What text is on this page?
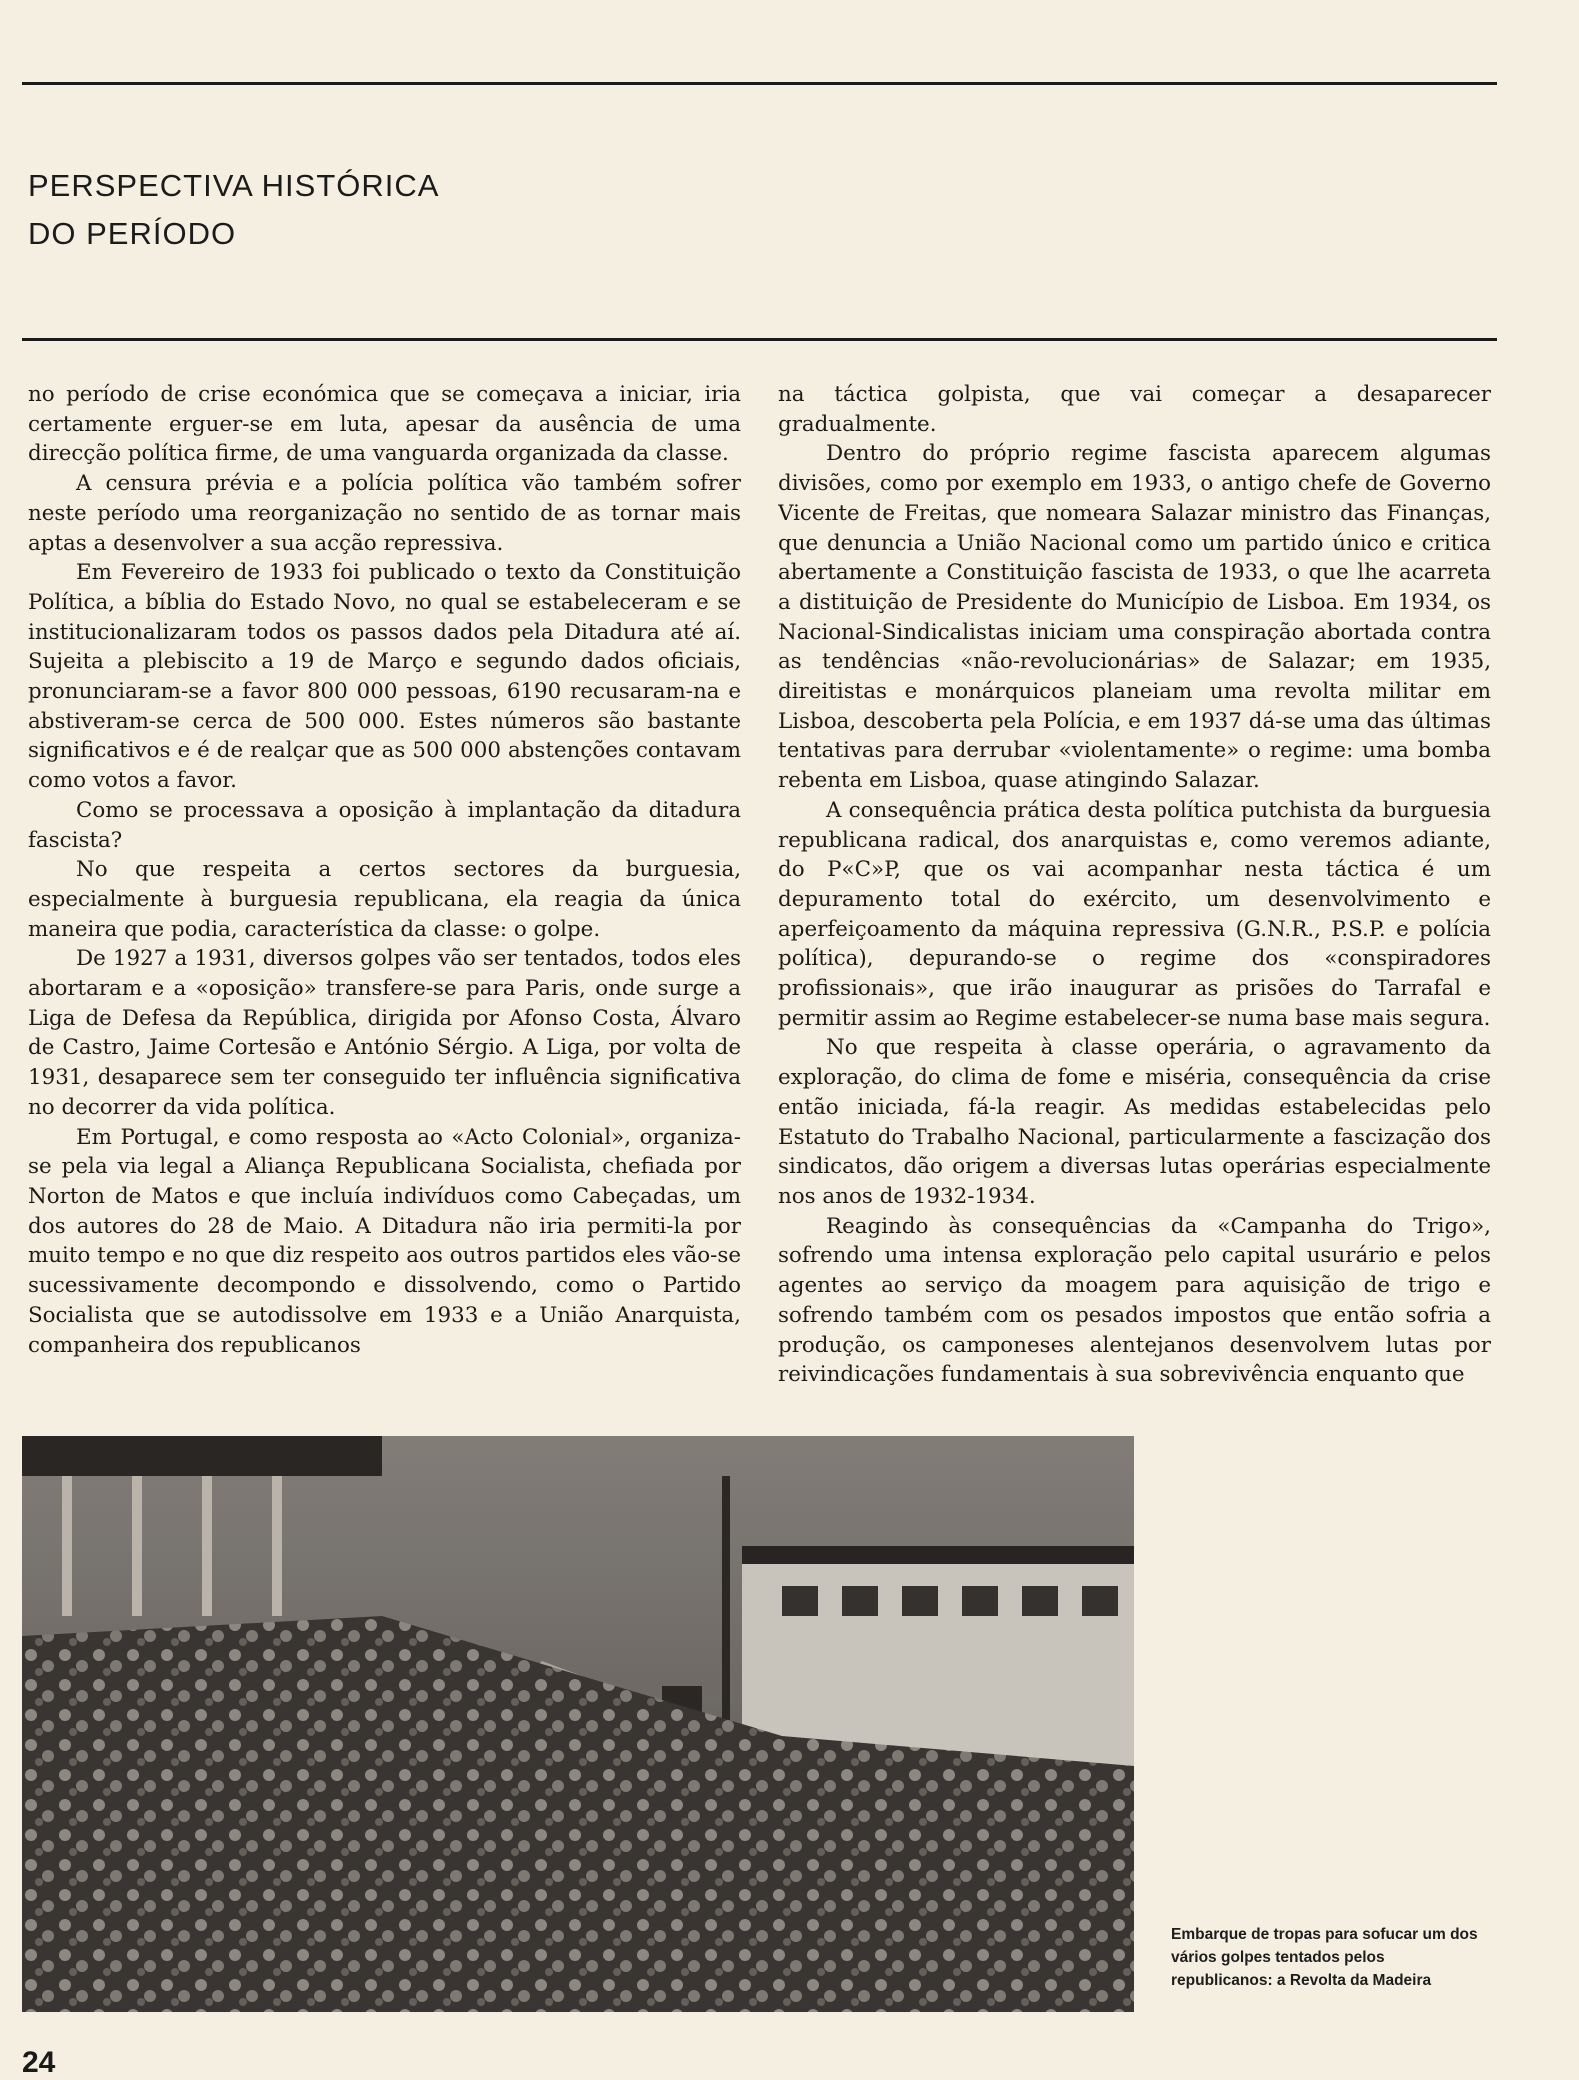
PERSPECTIVA HISTÓRICA
DO PERÍODO

no período de crise económica que se começava a iniciar, iria certamente erguer-se em luta, apesar da ausência de uma direcção política firme, de uma vanguarda organizada da classe.

A censura prévia e a polícia política vão também sofrer neste período uma reorganização no sentido de as tornar mais aptas a desenvolver a sua acção repressiva.

Em Fevereiro de 1933 foi publicado o texto da Constituição Política, a bíblia do Estado Novo, no qual se estabeleceram e se institucionalizaram todos os passos dados pela Ditadura até aí. Sujeita a plebiscito a 19 de Março e segundo dados oficiais, pronunciaram-se a favor 800 000 pessoas, 6190 recusaram-na e abstiveram-se cerca de 500 000. Estes números são bastante significativos e é de realçar que as 500 000 abstenções contavam como votos a favor.

Como se processava a oposição à implantação da ditadura fascista?

No que respeita a certos sectores da burguesia, especialmente à burguesia republicana, ela reagia da única maneira que podia, característica da classe: o golpe.

De 1927 a 1931, diversos golpes vão ser tentados, todos eles abortaram e a «oposição» transfere-se para Paris, onde surge a Liga de Defesa da República, dirigida por Afonso Costa, Álvaro de Castro, Jaime Cortesão e António Sérgio. A Liga, por volta de 1931, desaparece sem ter conseguido ter influência significativa no decorrer da vida política.

Em Portugal, e como resposta ao «Acto Colonial», organiza-se pela via legal a Aliança Republicana Socialista, chefiada por Norton de Matos e que incluía indivíduos como Cabeçadas, um dos autores do 28 de Maio. A Ditadura não iria permiti-la por muito tempo e no que diz respeito aos outros partidos eles vão-se sucessivamente decompondo e dissolvendo, como o Partido Socialista que se autodissolve em 1933 e a União Anarquista, companheira dos republicanos

na táctica golpista, que vai começar a desaparecer gradualmente.

Dentro do próprio regime fascista aparecem algumas divisões, como por exemplo em 1933, o antigo chefe de Governo Vicente de Freitas, que nomeara Salazar ministro das Finanças, que denuncia a União Nacional como um partido único e critica abertamente a Constituição fascista de 1933, o que lhe acarreta a distituição de Presidente do Município de Lisboa. Em 1934, os Nacional-Sindicalistas iniciam uma conspiração abortada contra as tendências «não-revolucionárias» de Salazar; em 1935, direitistas e monárquicos planeiam uma revolta militar em Lisboa, descoberta pela Polícia, e em 1937 dá-se uma das últimas tentativas para derrubar «violentamente» o regime: uma bomba rebenta em Lisboa, quase atingindo Salazar.

A consequência prática desta política putchista da burguesia republicana radical, dos anarquistas e, como veremos adiante, do P«C»P, que os vai acompanhar nesta táctica é um depuramento total do exército, um desenvolvimento e aperfeiçoamento da máquina repressiva (G.N.R., P.S.P. e polícia política), depurando-se o regime dos «conspiradores profissionais», que irão inaugurar as prisões do Tarrafal e permitir assim ao Regime estabelecer-se numa base mais segura.

No que respeita à classe operária, o agravamento da exploração, do clima de fome e miséria, consequência da crise então iniciada, fá-la reagir. As medidas estabelecidas pelo Estatuto do Trabalho Nacional, particularmente a fascização dos sindicatos, dão origem a diversas lutas operárias especialmente nos anos de 1932-1934.

Reagindo às consequências da «Campanha do Trigo», sofrendo uma intensa exploração pelo capital usurário e pelos agentes ao serviço da moagem para aquisição de trigo e sofrendo também com os pesados impostos que então sofria a produção, os camponeses alentejanos desenvolvem lutas por reivindicações fundamentais à sua sobrevivência enquanto que

Embarque de tropas para sofucar um dos vários golpes tentados pelos republicanos: a Revolta da Madeira
24
